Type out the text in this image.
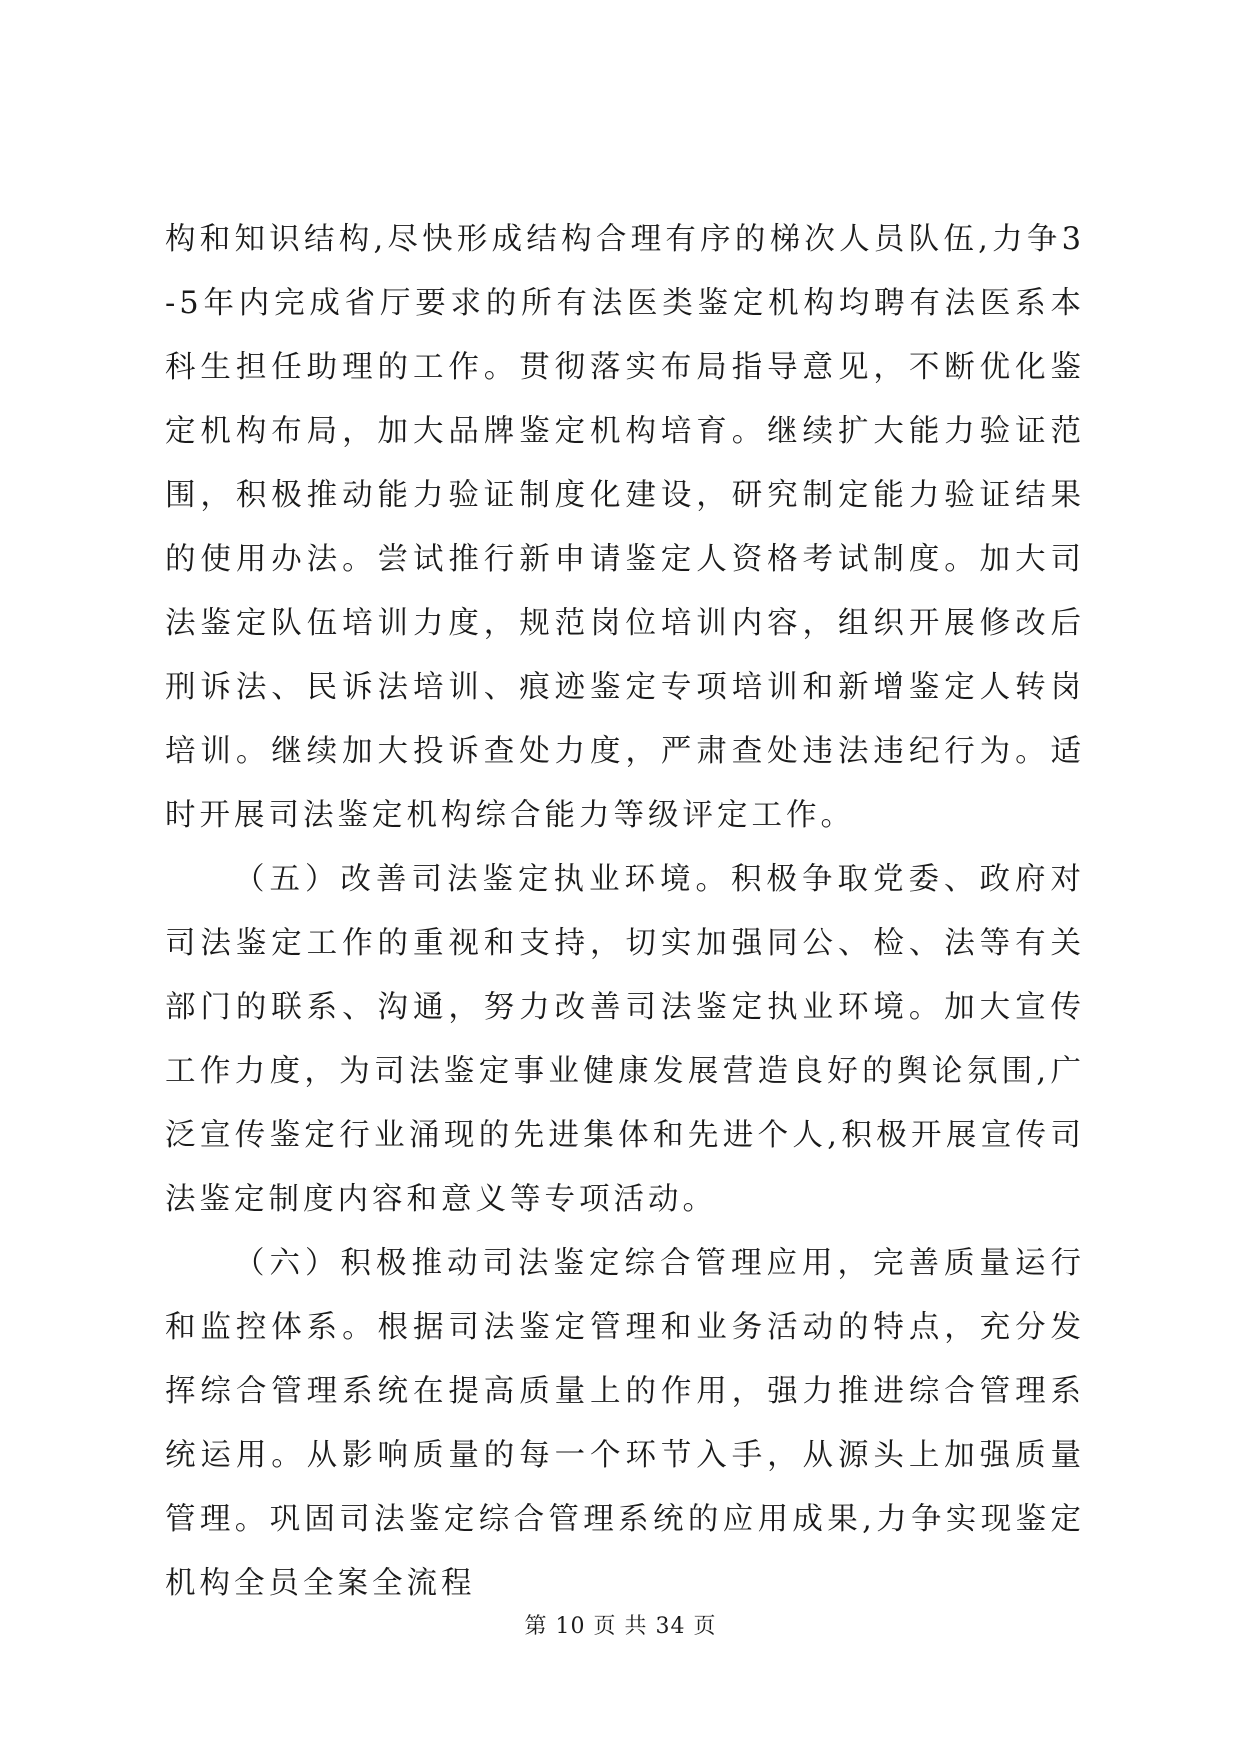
构和知识结构,尽快形成结构合理有序的梯次人员队伍,力争3-5年内完成省厅要求的所有法医类鉴定机构均聘有法医系本科生担任助理的工作。贯彻落实布局指导意见，不断优化鉴定机构布局，加大品牌鉴定机构培育。继续扩大能力验证范围，积极推动能力验证制度化建设，研究制定能力验证结果的使用办法。尝试推行新申请鉴定人资格考试制度。加大司法鉴定队伍培训力度，规范岗位培训内容，组织开展修改后刑诉法、民诉法培训、痕迹鉴定专项培训和新增鉴定人转岗培训。继续加大投诉查处力度，严肃查处违法违纪行为。适时开展司法鉴定机构综合能力等级评定工作。

（五）改善司法鉴定执业环境。积极争取党委、政府对司法鉴定工作的重视和支持，切实加强同公、检、法等有关部门的联系、沟通，努力改善司法鉴定执业环境。加大宣传工作力度，为司法鉴定事业健康发展营造良好的舆论氛围,广泛宣传鉴定行业涌现的先进集体和先进个人,积极开展宣传司法鉴定制度内容和意义等专项活动。

（六）积极推动司法鉴定综合管理应用，完善质量运行和监控体系。根据司法鉴定管理和业务活动的特点，充分发挥综合管理系统在提高质量上的作用，强力推进综合管理系统运用。从影响质量的每一个环节入手，从源头上加强质量管理。巩固司法鉴定综合管理系统的应用成果,力争实现鉴定机构全员全案全流程

第 10 页 共 34 页
